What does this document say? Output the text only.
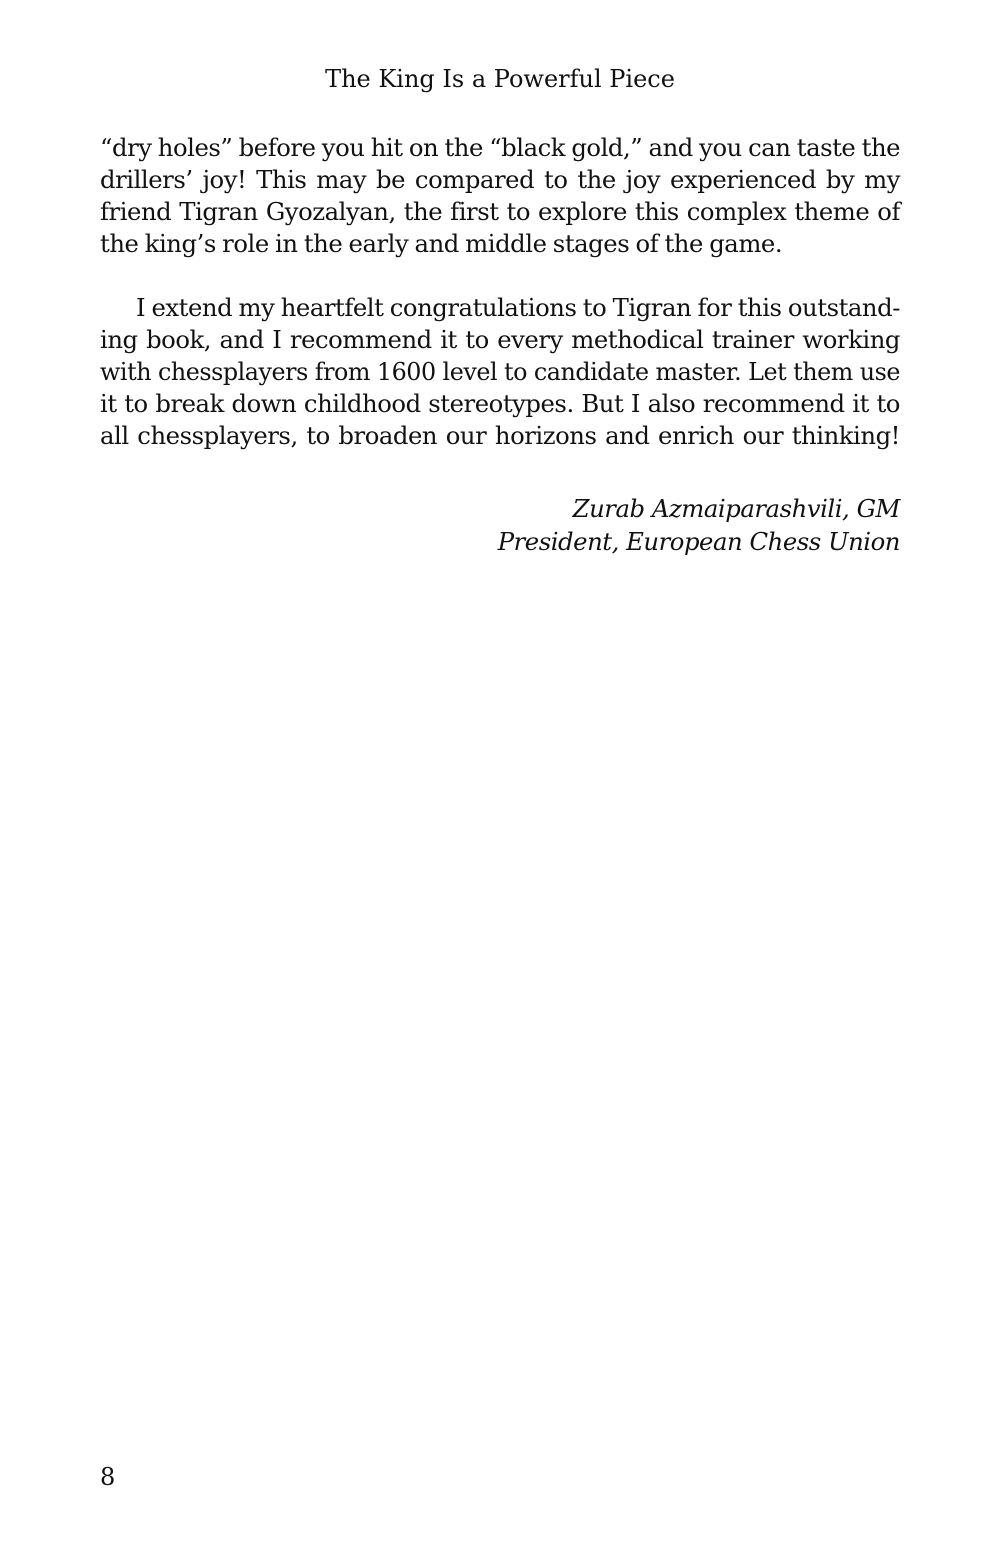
The King Is a Powerful Piece
“dry holes” before you hit on the “black gold,” and you can taste the
drillers’ joy! This may be compared to the joy experienced by my
friend Tigran Gyozalyan, the first to explore this complex theme of
the king’s role in the early and middle stages of the game.
I extend my heartfelt congratulations to Tigran for this outstand-
ing book, and I recommend it to every methodical trainer working
with chessplayers from 1600 level to candidate master. Let them use
it to break down childhood stereotypes. But I also recommend it to
all chessplayers, to broaden our horizons and enrich our thinking!
Zurab Azmaiparashvili, GM
President, European Chess Union
8
